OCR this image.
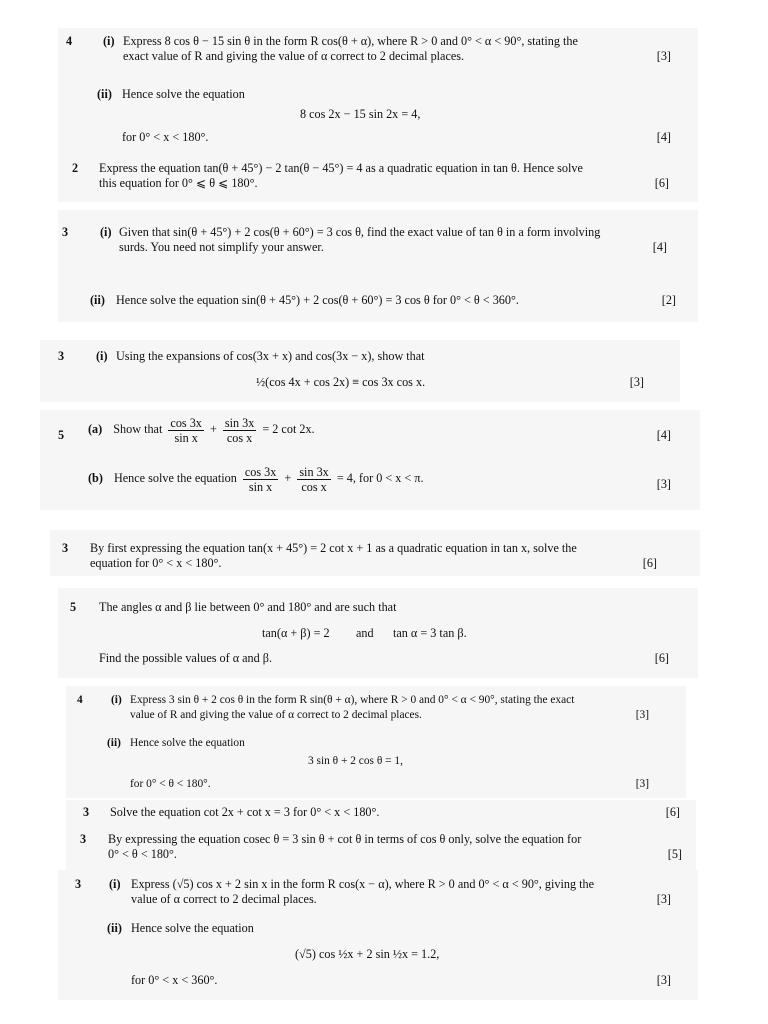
4	(i) Express 8 cos θ − 15 sin θ in the form R cos(θ + α), where R > 0 and 0° < α < 90°, stating the
exact value of R and giving the value of α correct to 2 decimal places.	[3]
(ii) Hence solve the equation
8 cos 2x − 15 sin 2x = 4,
for 0° < x < 180°.	[4]
2 Express the equation tan(θ + 45°) − 2 tan(θ − 45°) = 4 as a quadratic equation in tan θ. Hence solve
this equation for 0° ⩽ θ ⩽ 180°.	[6]
3	(i) Given that sin(θ + 45°) + 2 cos(θ + 60°) = 3 cos θ, find the exact value of tan θ in a form involving
surds. You need not simplify your answer.	[4]
(ii) Hence solve the equation sin(θ + 45°) + 2 cos(θ + 60°) = 3 cos θ for 0° < θ < 360°.	[2]
3	(i) Using the expansions of cos(3x + x) and cos(3x − x), show that
½(cos 4x + cos 2x) ≡ cos 3x cos x.	[3]
5 (a) Show that $\frac{\cos 3x}{\text{sin x}} + \frac{\sin 3x}{\text{cos x}} = 2$ cot 2x.	[4]
(b) Hence solve the equation $\frac{\cos 3x}{\text{sin x}} + \frac{\sin 3x}{\text{cos x}} = 4$, for 0 < x < π.	[3]
3 By first expressing the equation tan(x + 45°) = 2 cot x + 1 as a quadratic equation in tan x, solve the
equation for 0° < x < 180°.	[6]
5 The angles α and β lie between 0° and 180° and are such that
tan(α + β) = 2 and tan α = 3 tan β.
Find the possible values of α and β.	[6]
4 (i) Express 3 sin θ + 2 cos θ in the form R sin(θ + α), where R > 0 and 0° < α < 90°, stating the exact
value of R and giving the value of α correct to 2 decimal places.	[3]
(ii) Hence solve the equation
3 sin θ + 2 cos θ = 1,
for 0° < θ < 180°.	[3]
3 Solve the equation cot 2x + cot x = 3 for 0° < x < 180°.	[6]
3 By expressing the equation cosec θ = 3 sin θ + cot θ in terms of cos θ only, solve the equation for
0° < θ < 180°.	[5]
3 (i) Express (√5) cos x + 2 sin x in the form R cos(x − α), where R > 0 and 0° < α < 90°, giving the
value of α correct to 2 decimal places.	[3]
(ii) Hence solve the equation
(√5) cos ½x + 2 sin ½x = 1.2,
for 0° < x < 360°.	[3]
